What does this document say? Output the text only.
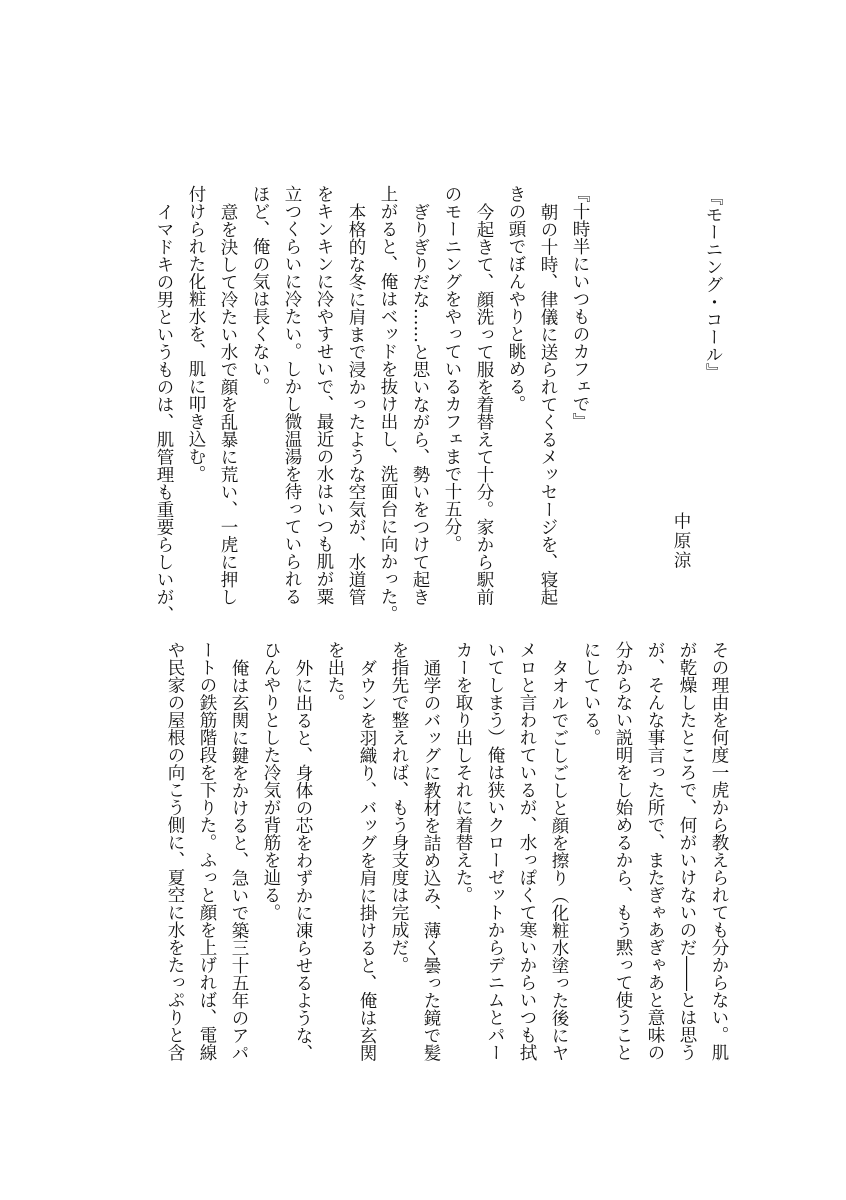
『モーニング・コール』

中原涼

『十時半にいつものカフェで』

朝の十時、律儀に送られてくるメッセージを、寝起

きの頭でぼんやりと眺める。

今起きて、顔洗って服を着替えて十分。家から駅前

のモーニングをやっているカフェまで十五分。

ぎりぎりだな……と思いながら、勢いをつけて起き

上がると、俺はベッドを抜け出し、洗面台に向かった。

本格的な冬に肩まで浸かったような空気が、水道管

をキンキンに冷やすせいで、最近の水はいつも肌が粟

立つくらいに冷たい。しかし微温湯を待っていられる

ほど、俺の気は長くない。

意を決して冷たい水で顔を乱暴に荒い、一虎に押し

付けられた化粧水を、肌に叩き込む。

イマドキの男というものは、肌管理も重要らしいが、

その理由を何度一虎から教えられても分からない。肌

が乾燥したところで、何がいけないのだ――とは思う

が、そんな事言った所で、またぎゃあぎゃあと意味の

分からない説明をし始めるから、もう黙って使うこと

にしている。

タオルでごしごしと顔を擦り（化粧水塗った後にヤ

メロと言われているが、水っぽくて寒いからいつも拭

いてしまう）俺は狭いクローゼットからデニムとパー

カーを取り出しそれに着替えた。

通学のバッグに教材を詰め込み、薄く曇った鏡で髪

を指先で整えれば、もう身支度は完成だ。

ダウンを羽織り、バッグを肩に掛けると、俺は玄関

を出た。

外に出ると、身体の芯をわずかに凍らせるような、

ひんやりとした冷気が背筋を辿る。

俺は玄関に鍵をかけると、急いで築三十五年のアパ

ートの鉄筋階段を下りた。ふっと顔を上げれば、電線

や民家の屋根の向こう側に、夏空に水をたっぷりと含
